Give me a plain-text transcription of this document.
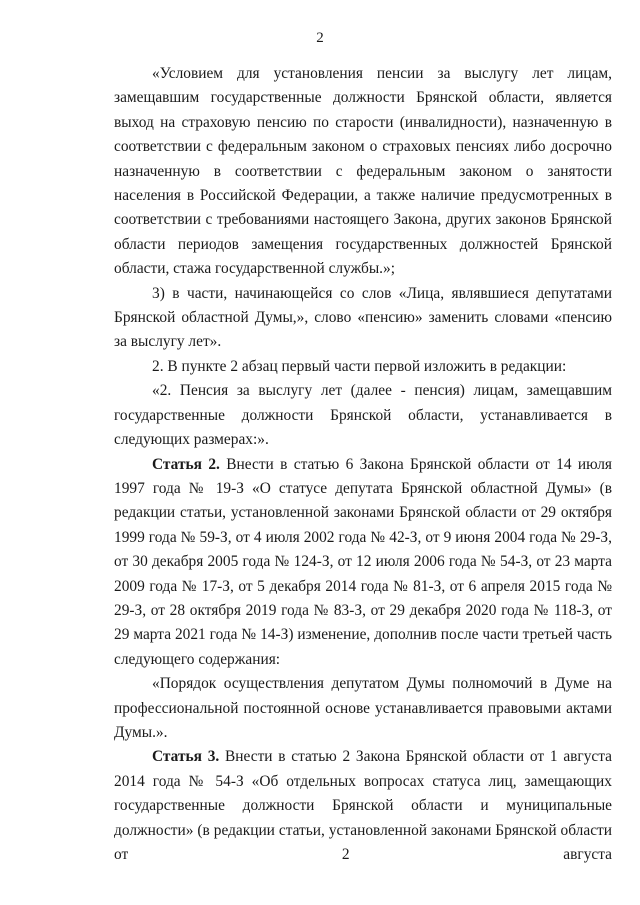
2

«Условием для установления пенсии за выслугу лет лицам, замещавшим государственные должности Брянской области, является выход на страховую пенсию по старости (инвалидности), назначенную в соответствии с федеральным законом о страховых пенсиях либо досрочно назначенную в соответствии с федеральным законом о занятости населения в Российской Федерации, а также наличие предусмотренных в соответствии с требованиями настоящего Закона, других законов Брянской области периодов замещения государственных должностей Брянской области, стажа государственной службы.»;

3) в части, начинающейся со слов «Лица, являвшиеся депутатами Брянской областной Думы,», слово «пенсию» заменить словами «пенсию за выслугу лет».

2. В пункте 2 абзац первый части первой изложить в редакции:

«2. Пенсия за выслугу лет (далее - пенсия) лицам, замещавшим государственные должности Брянской области, устанавливается в следующих размерах:».

Статья 2. Внести в статью 6 Закона Брянской области от 14 июля 1997 года № 19-З «О статусе депутата Брянской областной Думы» (в редакции статьи, установленной законами Брянской области от 29 октября 1999 года № 59-З, от 4 июля 2002 года № 42-З, от 9 июня 2004 года № 29-З, от 30 декабря 2005 года № 124-З, от 12 июля 2006 года № 54-З, от 23 марта 2009 года № 17-З, от 5 декабря 2014 года № 81-З, от 6 апреля 2015 года № 29-З, от 28 октября 2019 года № 83-З, от 29 декабря 2020 года № 118-З, от 29 марта 2021 года № 14-З) изменение, дополнив после части третьей часть следующего содержания:

«Порядок осуществления депутатом Думы полномочий в Думе на профессиональной постоянной основе устанавливается правовыми актами Думы.».

Статья 3. Внести в статью 2 Закона Брянской области от 1 августа 2014 года № 54-З «Об отдельных вопросах статуса лиц, замещающих государственные должности Брянской области и муниципальные должности» (в редакции статьи, установленной законами Брянской области от 2 августа
